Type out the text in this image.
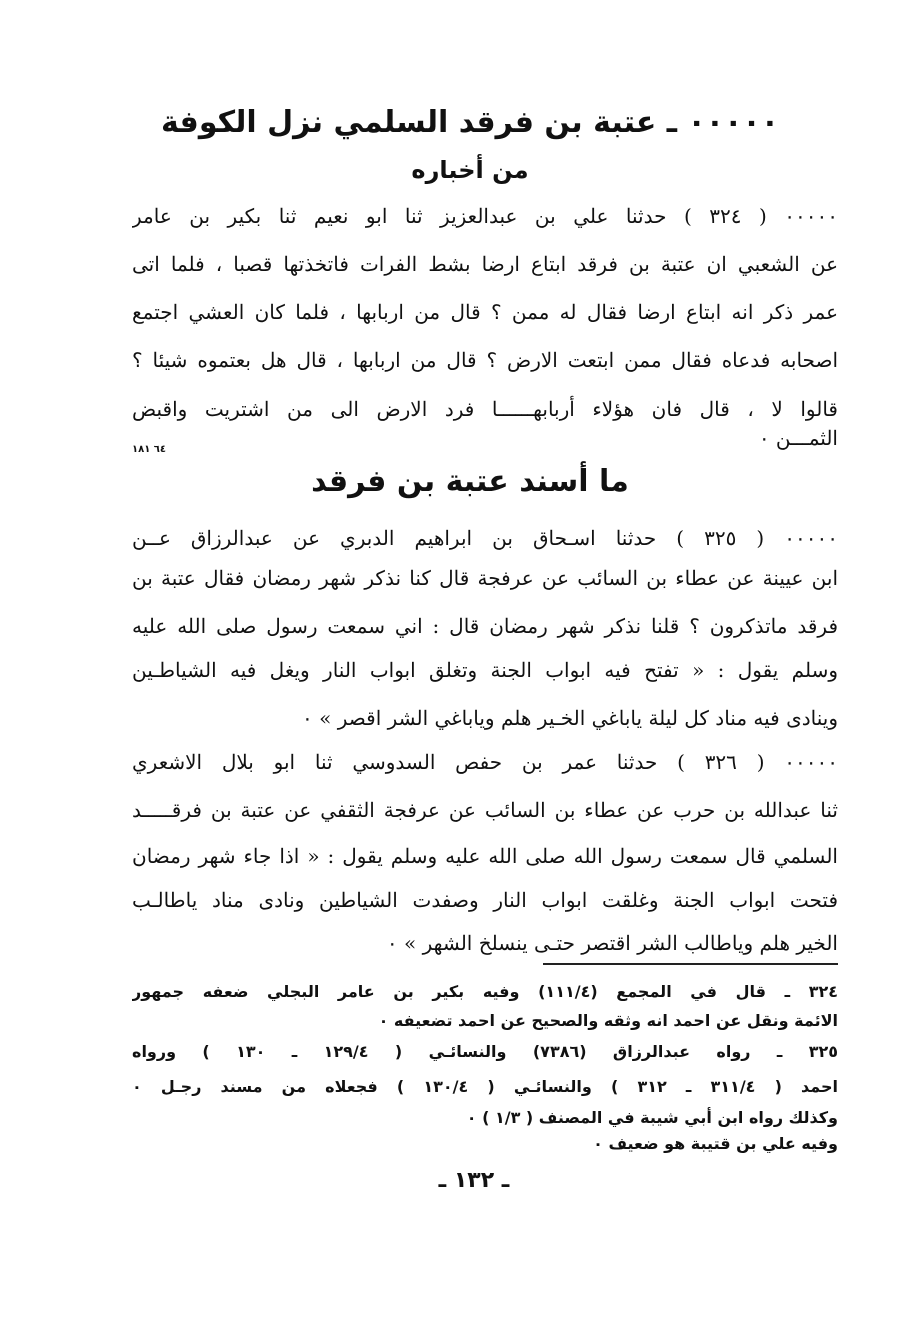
٠٠٠٠٠ ـ عتبة بن فرقد السلمي نزل الكوفة
من أخباره
٠٠٠٠٠ ( ٣٢٤ ) حدثنا علي بن عبدالعزيز ثنا ابو نعيم ثنا بكير بن عامر
عن الشعبي ان عتبة بن فرقد ابتاع ارضا بشط الفرات فاتخذتها قصبا ، فلما اتى
عمر ذكر انه ابتاع ارضا فقال له ممن ؟ قال من اربابها ، فلما كان العشي اجتمع
اصحابه فدعاه فقال ممن ابتعت الارض ؟ قال من اربابها ، قال هل بعتموه شيئا ؟
قالوا لا ، قال فان هؤلاء أربابهــــــا فرد الارض الى من اشتريت واقبض
الثمـــن ٠
٦٤ ١٨١
ما أسند عتبة بن فرقد
٠٠٠٠٠ ( ٣٢٥ ) حدثنا اسـحاق بن ابراهيم الدبري عن عبدالرزاق عــن
ابن عيينة عن عطاء بن السائب عن عرفجة قال كنا نذكر شهر رمضان فقال عتبة بن
فرقد ماتذكرون ؟ قلنا نذكر شهر رمضان قال : اني سمعت رسول صلى الله عليه
وسلم يقول : « تفتح فيه ابواب الجنة وتغلق ابواب النار ويغل فيه الشياطـين
وينادى فيه مناد كل ليلة ياباغي الخـير هلم وياباغي الشر اقصر » ٠
٠٠٠٠٠ ( ٣٢٦ ) حدثنا عمر بن حفص السدوسي ثنا ابو بلال الاشعري
ثنا عبدالله بن حرب عن عطاء بن السائب عن عرفجة الثقفي عن عتبة بن فرقـــــد
السلمي قال سمعت رسول الله صلى الله عليه وسلم يقول : « اذا جاء شهر رمضان
فتحت ابواب الجنة وغلقت ابواب النار وصفدت الشياطين ونادى مناد ياطالـب
الخير هلم وياطالب الشر اقتصر حتـى ينسلخ الشهر » ٠
٣٢٤ ـ قال في المجمع (١١١/٤) وفيه بكير بن عامر البجلي ضعفه جمهور
الائمة ونقل عن احمد انه وثقه والصحيح عن احمد تضعيفه ٠
٣٢٥ ـ رواه عبدالرزاق (٧٣٨٦) والنسائـي ( ١٢٩/٤ ـ ١٣٠ ) ورواه
احمد ( ٣١١/٤ ـ ٣١٢ ) والنسائـي ( ١٣٠/٤ ) فجعلاه من مسند رجـل ٠
وكذلك رواه ابن أبي شيبة في المصنف ( ١/٣ ) ٠
وفيه علي بن قتيبة هو ضعيف ٠
ـ ١٣٢ ـ
